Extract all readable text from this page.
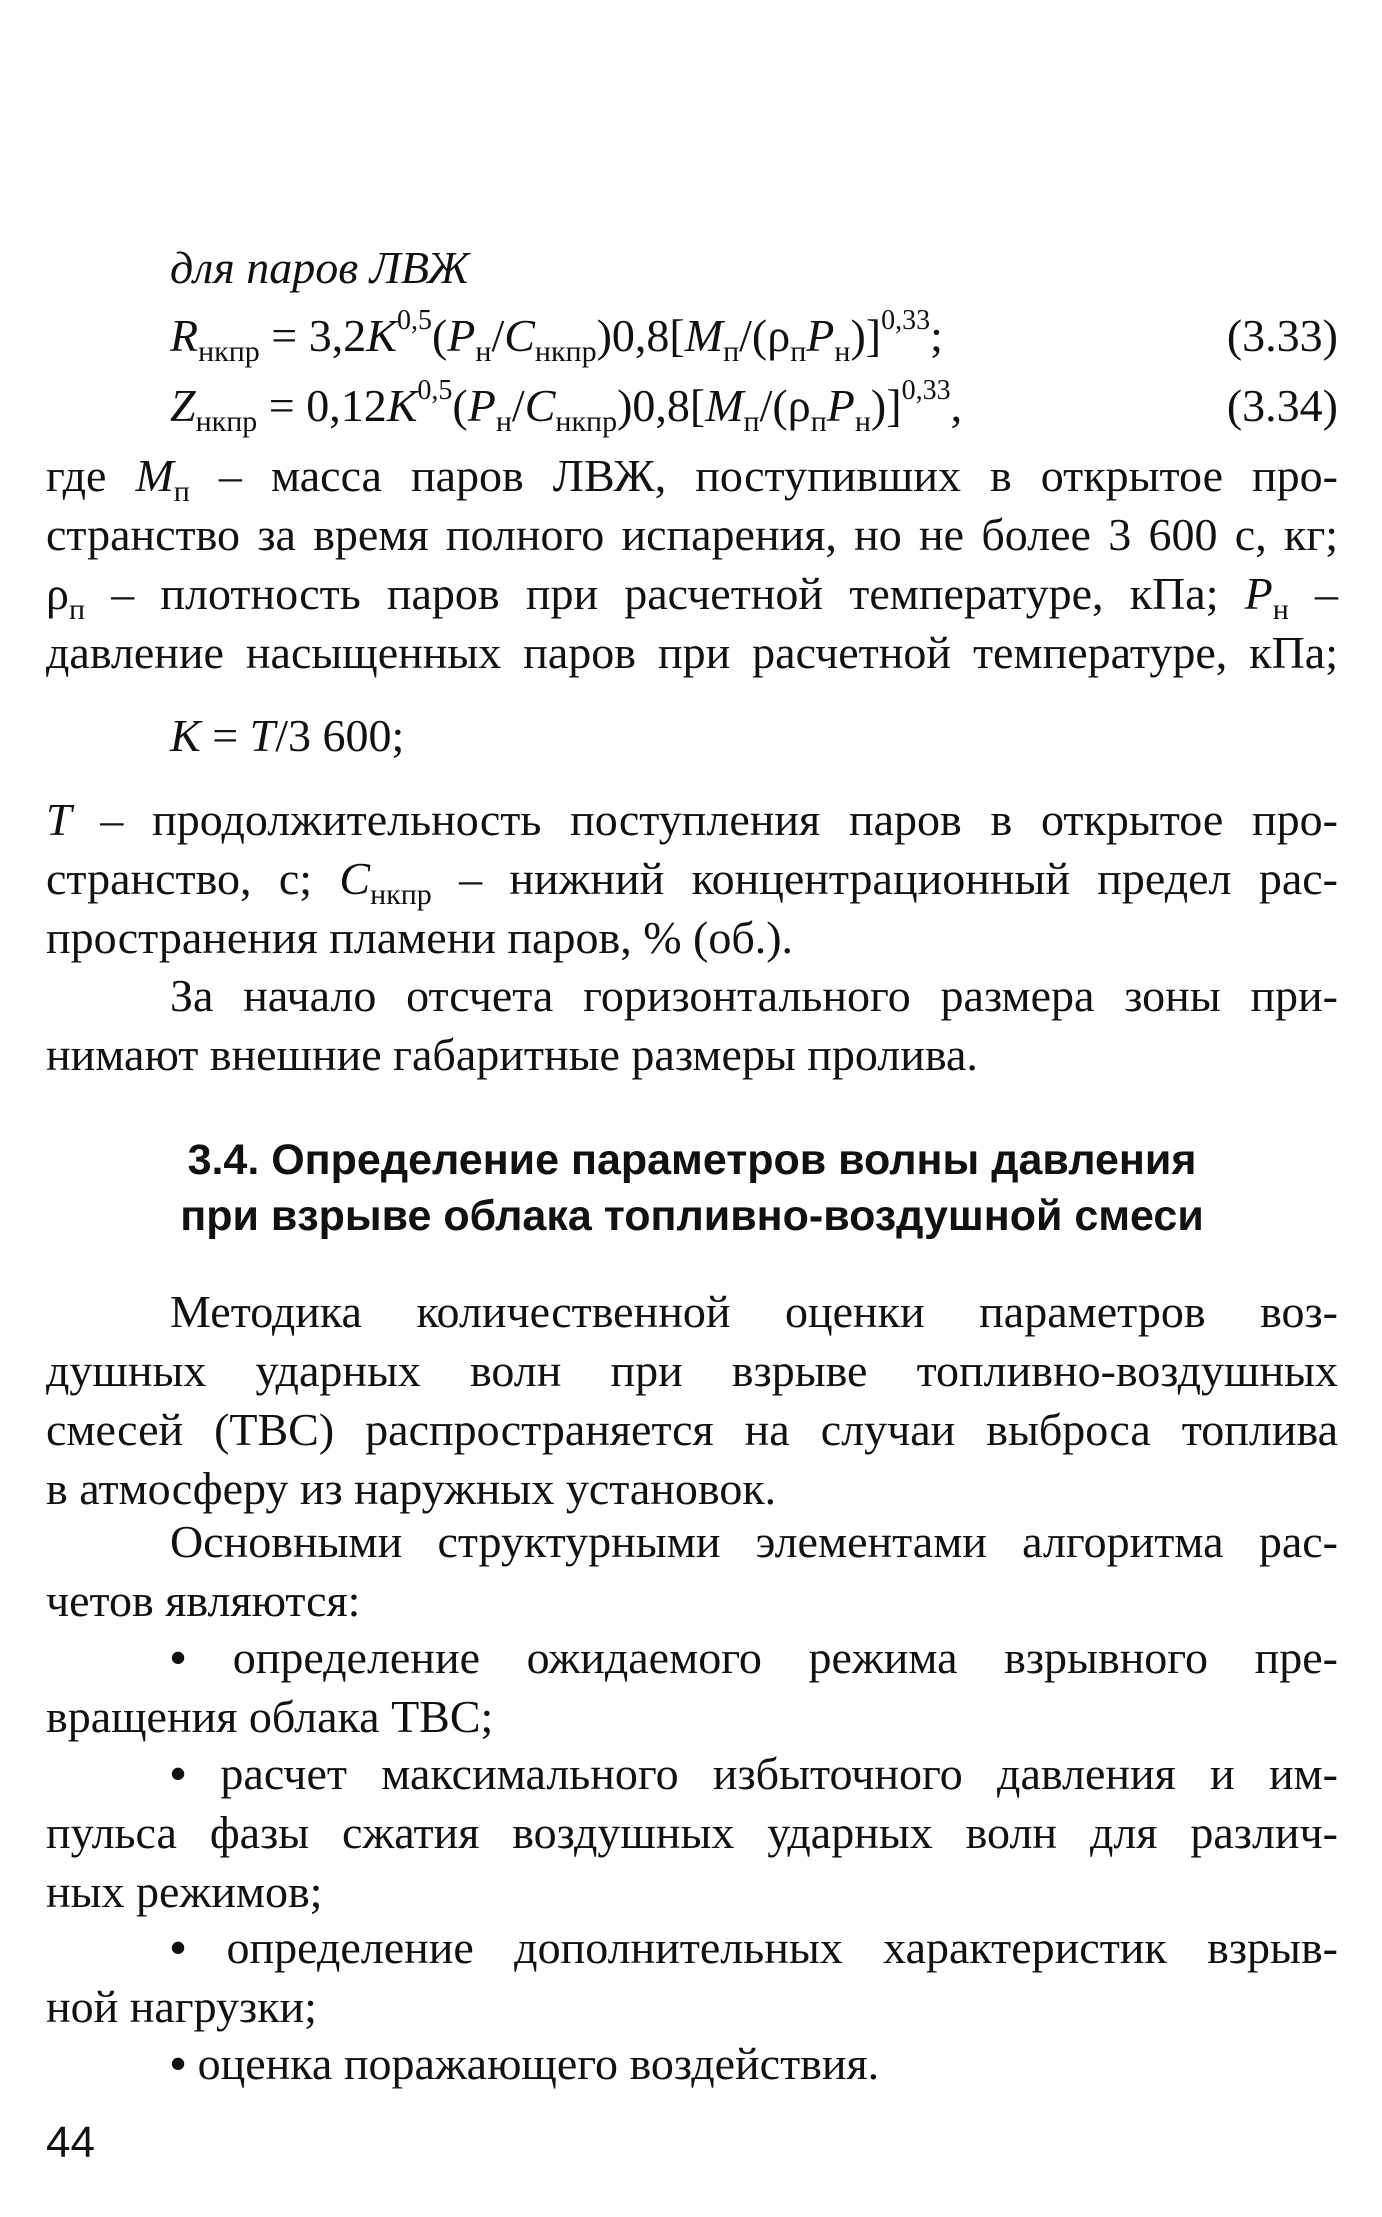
для паров ЛВЖ
$R_{нкпр} = 3,2K^{0,5}(P_н/C_{нкпр})0,8[M_п/(\rho_пP_н)]^{0,33}$;	(3.33)
$Z_{нкпр} = 0,12K^{0,5}(P_н/C_{нкпр})0,8[M_п/(\rho_пP_н)]^{0,33}$,	(3.34)
где $M_п$ – масса паров ЛВЖ, поступивших в открытое про-
странство за время полного испарения, но не более 3 600 с, кг;
$\rho_п$ – плотность паров при расчетной температуре, кПа; $P_н$ –
давление насыщенных паров при расчетной температуре, кПа;
K = T/3 600;
T – продолжительность поступления паров в открытое про-
странство, с; $C_{нкпр}$ – нижний концентрационный предел рас-
пространения пламени паров, % (об.).
За начало отсчета горизонтального размера зоны при-
нимают внешние габаритные размеры пролива.
3.4. Определение параметров волны давления
при взрыве облака топливно-воздушной смеси
Методика количественной оценки параметров воз-
душных ударных волн при взрыве топливно-воздушных
смесей (ТВС) распространяется на случаи выброса топлива
в атмосферу из наружных установок.
Основными структурными элементами алгоритма рас-
четов являются:
• определение ожидаемого режима взрывного пре-
вращения облака ТВС;
• расчет максимального избыточного давления и им-
пульса фазы сжатия воздушных ударных волн для различ-
ных режимов;
• определение дополнительных характеристик взрыв-
ной нагрузки;
• оценка поражающего воздействия.
44
